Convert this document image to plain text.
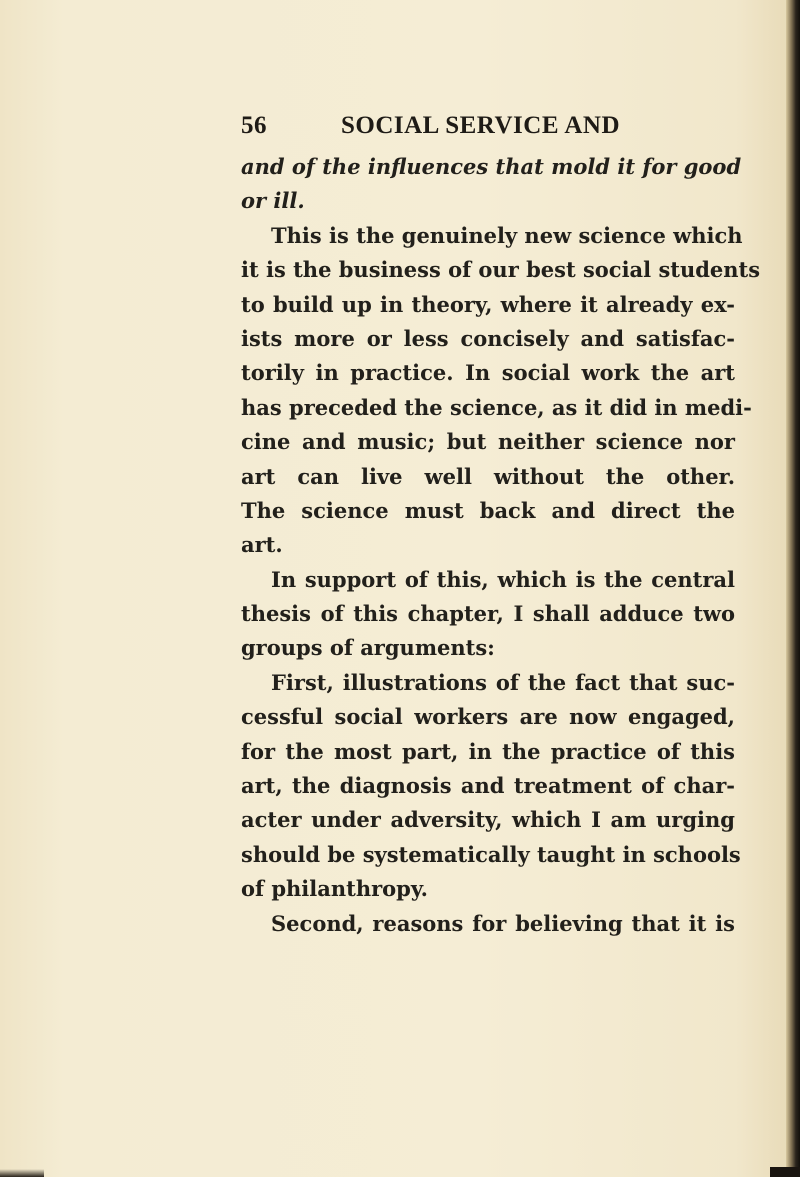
56	SOCIAL SERVICE AND
and of the influences that mold it for good
or ill.
This is the genuinely new science which
it is the business of our best social students
to build up in theory, where it already ex-
ists more or less concisely and satisfac-
torily in practice. In social work the art
has preceded the science, as it did in medi-
cine and music; but neither science nor
art can live well without the other.
The science must back and direct the
art.
In support of this, which is the central
thesis of this chapter, I shall adduce two
groups of arguments:
First, illustrations of the fact that suc-
cessful social workers are now engaged,
for the most part, in the practice of this
art, the diagnosis and treatment of char-
acter under adversity, which I am urging
should be systematically taught in schools
of philanthropy.
Second, reasons for believing that it is
